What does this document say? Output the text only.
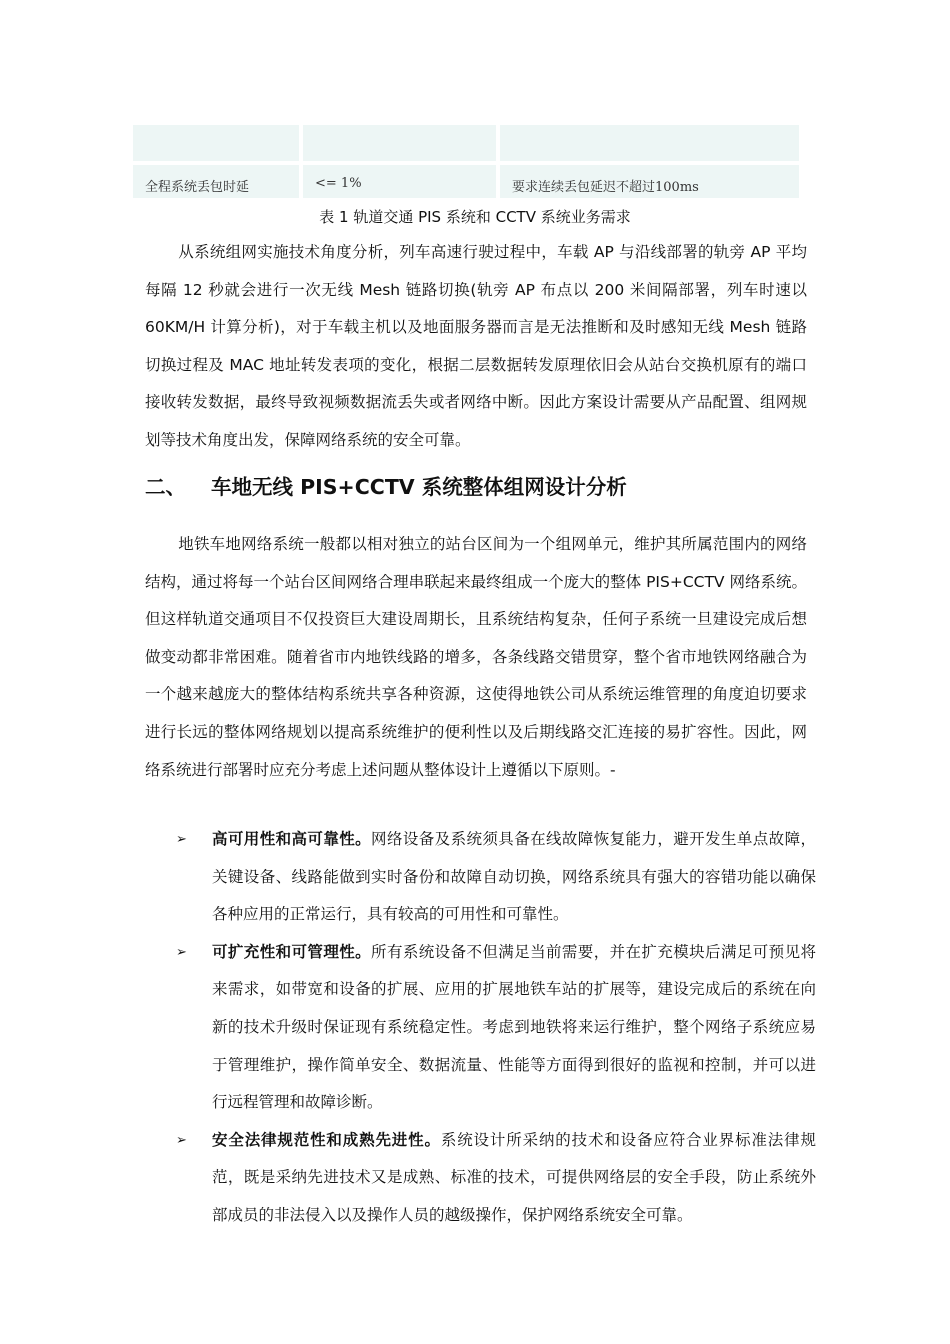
全程系统丢包时延	<= 1%	要求连续丢包延迟不超过100ms
表 1 轨道交通 PIS 系统和 CCTV 系统业务需求
从系统组网实施技术角度分析，列车高速行驶过程中，车载 AP 与沿线部署的轨旁 AP 平均每隔 12 秒就会进行一次无线 Mesh 链路切换(轨旁 AP 布点以 200 米间隔部署，列车时速以 60KM/H 计算分析)，对于车载主机以及地面服务器而言是无法推断和及时感知无线 Mesh 链路切换过程及 MAC 地址转发表项的变化，根据二层数据转发原理依旧会从站台交换机原有的端口接收转发数据，最终导致视频数据流丢失或者网络中断。因此方案设计需要从产品配置、组网规划等技术角度出发，保障网络系统的安全可靠。
二、 车地无线 PIS+CCTV 系统整体组网设计分析
地铁车地网络系统一般都以相对独立的站台区间为一个组网单元，维护其所属范围内的网络结构，通过将每一个站台区间网络合理串联起来最终组成一个庞大的整体 PIS+CCTV 网络系统。但这样轨道交通项目不仅投资巨大建设周期长，且系统结构复杂，任何子系统一旦建设完成后想做变动都非常困难。随着省市内地铁线路的增多，各条线路交错贯穿，整个省市地铁网络融合为一个越来越庞大的整体结构系统共享各种资源，这使得地铁公司从系统运维管理的角度迫切要求进行长远的整体网络规划以提高系统维护的便利性以及后期线路交汇连接的易扩容性。因此，网络系统进行部署时应充分考虑上述问题从整体设计上遵循以下原则。-
➢ 高可用性和高可靠性。网络设备及系统须具备在线故障恢复能力，避开发生单点故障，关键设备、线路能做到实时备份和故障自动切换，网络系统具有强大的容错功能以确保各种应用的正常运行，具有较高的可用性和可靠性。
➢ 可扩充性和可管理性。所有系统设备不但满足当前需要，并在扩充模块后满足可预见将来需求，如带宽和设备的扩展、应用的扩展地铁车站的扩展等，建设完成后的系统在向新的技术升级时保证现有系统稳定性。考虑到地铁将来运行维护，整个网络子系统应易于管理维护，操作简单安全、数据流量、性能等方面得到很好的监视和控制，并可以进行远程管理和故障诊断。
➢ 安全法律规范性和成熟先进性。系统设计所采纳的技术和设备应符合业界标准法律规范，既是采纳先进技术又是成熟、标准的技术，可提供网络层的安全手段，防止系统外部成员的非法侵入以及操作人员的越级操作，保护网络系统安全可靠。
